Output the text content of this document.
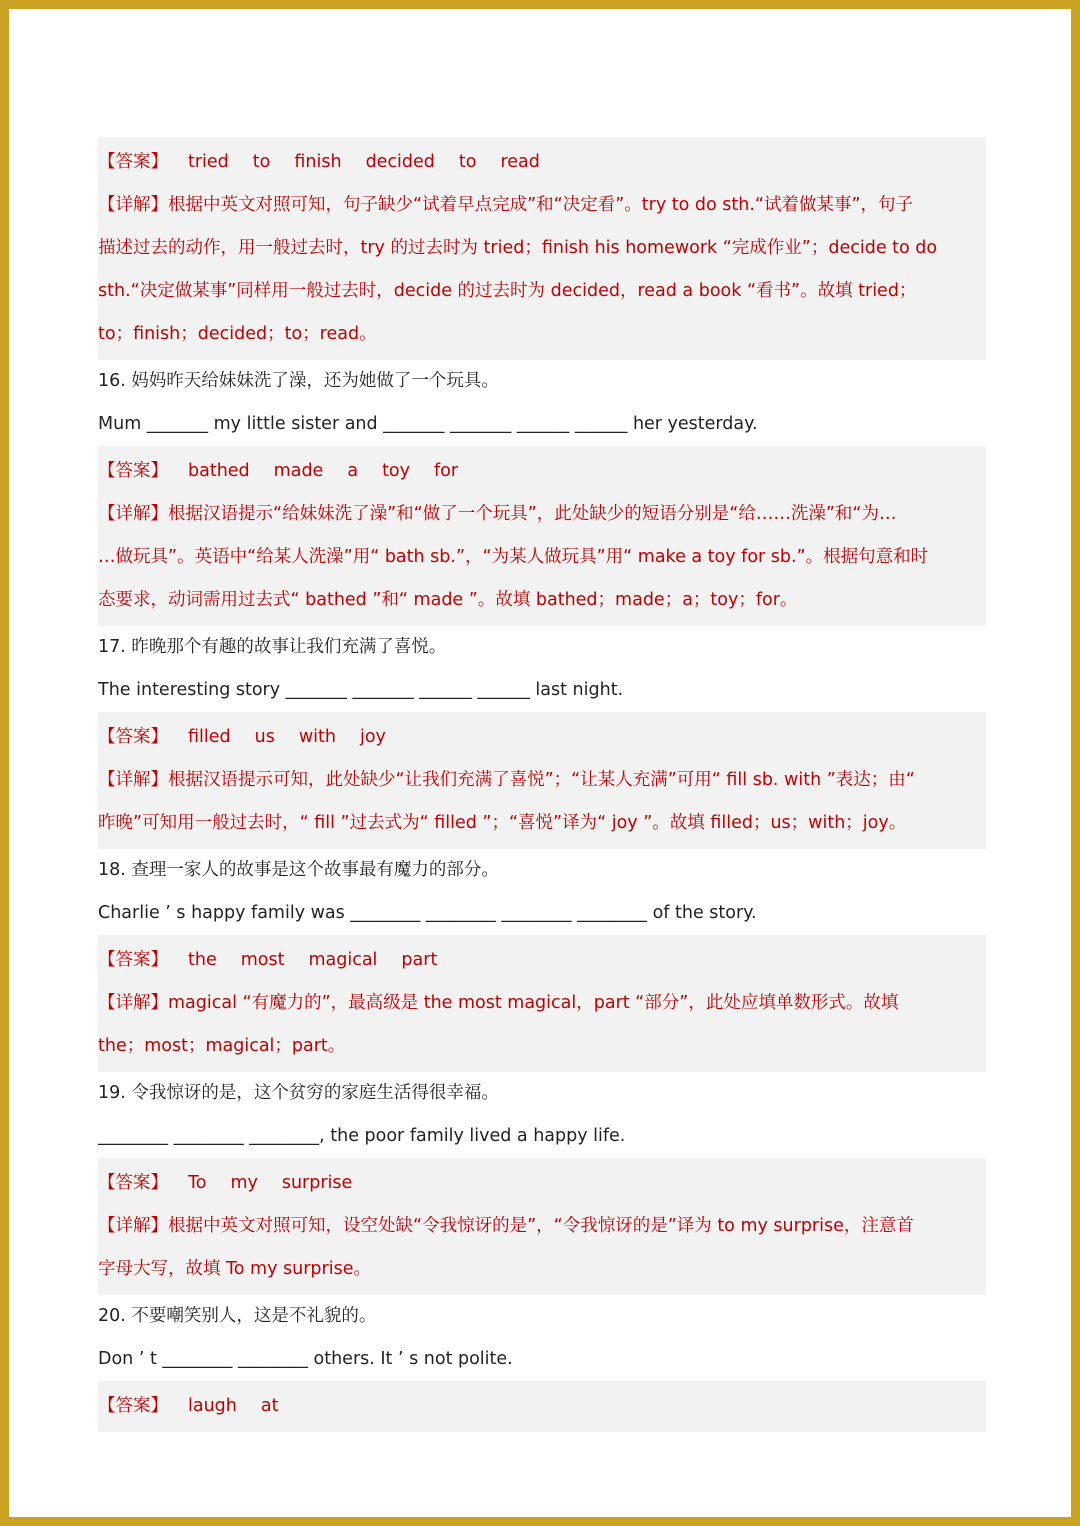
【答案】 tried to finish decided to read
【详解】根据中英文对照可知，句子缺少“试着早点完成”和“决定看”。try to do sth.“试着做某事”，句子
描述过去的动作，用一般过去时，try 的过去时为 tried；finish his homework “完成作业”；decide to do
sth.“决定做某事”同样用一般过去时，decide 的过去时为 decided，read a book “看书”。故填 tried；
to；finish；decided；to；read。
16. 妈妈昨天给妹妹洗了澡，还为她做了一个玩具。
Mum _______ my little sister and _______ _______ ______ ______ her yesterday.
【答案】 bathed made a toy for
【详解】根据汉语提示“给妹妹洗了澡”和“做了一个玩具”，此处缺少的短语分别是“给……洗澡”和“为…
…做玩具”。英语中“给某人洗澡”用“ bath sb.”，“为某人做玩具”用“ make a toy for sb.”。根据句意和时
态要求，动词需用过去式“ bathed ”和“ made ”。故填 bathed；made；a；toy；for。
17. 昨晚那个有趣的故事让我们充满了喜悦。
The interesting story _______ _______ ______ ______ last night.
【答案】 filled us with joy
【详解】根据汉语提示可知，此处缺少“让我们充满了喜悦”；“让某人充满”可用“ fill sb. with ”表达；由“
昨晚”可知用一般过去时，“ fill ”过去式为“ filled ”；“喜悦”译为“ joy ”。故填 filled；us；with；joy。
18. 查理一家人的故事是这个故事最有魔力的部分。
Charlie ’ s happy family was ________ ________ ________ ________ of the story.
【答案】 the most magical part
【详解】magical “有魔力的”，最高级是 the most magical，part “部分”，此处应填单数形式。故填
the；most；magical；part。
19. 令我惊讶的是，这个贫穷的家庭生活得很幸福。
________ ________ ________, the poor family lived a happy life.
【答案】 To my surprise
【详解】根据中英文对照可知，设空处缺“令我惊讶的是”，“令我惊讶的是”译为 to my surprise，注意首
字母大写，故填 To my surprise。
20. 不要嘲笑别人，这是不礼貌的。
Don ’ t ________ ________ others. It ’ s not polite.
【答案】 laugh at
